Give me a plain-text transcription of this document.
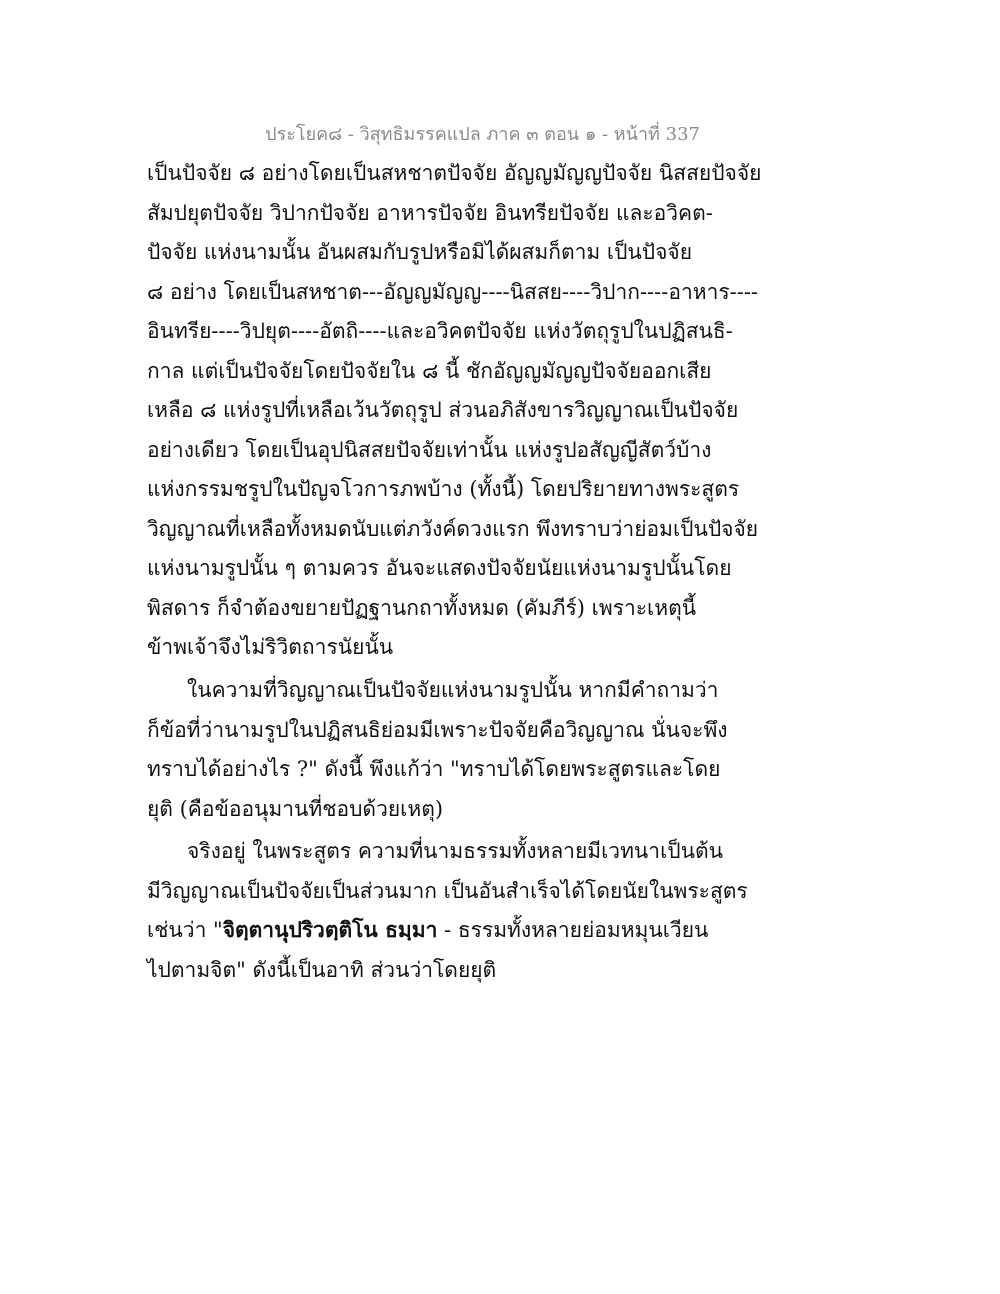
ประโยค๘ - วิสุทธิมรรคแปล ภาค ๓ ตอน ๑ - หน้าที่ 337
เป็นปัจจัย ๘ อย่างโดยเป็นสหชาตปัจจัย อัญญมัญญปัจจัย นิสสยปัจจัย
สัมปยุตปัจจัย วิปากปัจจัย อาหารปัจจัย อินทรียปัจจัย และอวิคต-
ปัจจัย แห่งนามนั้น อันผสมกับรูปหรือมิได้ผสมก็ตาม เป็นปัจจัย
๘ อย่าง โดยเป็นสหชาต---อัญญมัญญ----นิสสย----วิปาก----อาหาร----
อินทรีย----วิปยุต----อัตถิ----และอวิคตปัจจัย แห่งวัตถุรูปในปฏิสนธิ-
กาล แต่เป็นปัจจัยโดยปัจจัยใน ๘ นี้ ชักอัญญมัญญปัจจัยออกเสีย
เหลือ ๘ แห่งรูปที่เหลือเว้นวัตถุรูป ส่วนอภิสังขารวิญญาณเป็นปัจจัย
อย่างเดียว โดยเป็นอุปนิสสยปัจจัยเท่านั้น แห่งรูปอสัญญีสัตว์บ้าง
แห่งกรรมชรูปในปัญจโวการภพบ้าง (ทั้งนี้) โดยปริยายทางพระสูตร
วิญญาณที่เหลือทั้งหมดนับแต่ภวังค์ดวงแรก พึงทราบว่าย่อมเป็นปัจจัย
แห่งนามรูปนั้น ๆ ตามควร อันจะแสดงปัจจัยนัยแห่งนามรูปนั้นโดย
พิสดาร ก็จำต้องขยายปัฏฐานกถาทั้งหมด (คัมภีร์) เพราะเหตุนี้
ข้าพเจ้าจึงไม่ริวิตถารนัยนั้น
ในความที่วิญญาณเป็นปัจจัยแห่งนามรูปนั้น หากมีคำถามว่า
ก็ข้อที่ว่านามรูปในปฏิสนธิย่อมมีเพราะปัจจัยคือวิญญาณ นั่นจะพึง
ทราบได้อย่างไร ?" ดังนี้ พึงแก้ว่า "ทราบได้โดยพระสูตรและโดย
ยุติ (คือข้ออนุมานที่ชอบด้วยเหตุ)
จริงอยู่ ในพระสูตร ความที่นามธรรมทั้งหลายมีเวทนาเป็นต้น
มีวิญญาณเป็นปัจจัยเป็นส่วนมาก เป็นอันสำเร็จได้โดยนัยในพระสูตร
เช่นว่า "จิตฺตานุปริวตฺติโน ธมฺมา - ธรรมทั้งหลายย่อมหมุนเวียน
ไปตามจิต" ดังนี้เป็นอาทิ ส่วนว่าโดยยุติ
